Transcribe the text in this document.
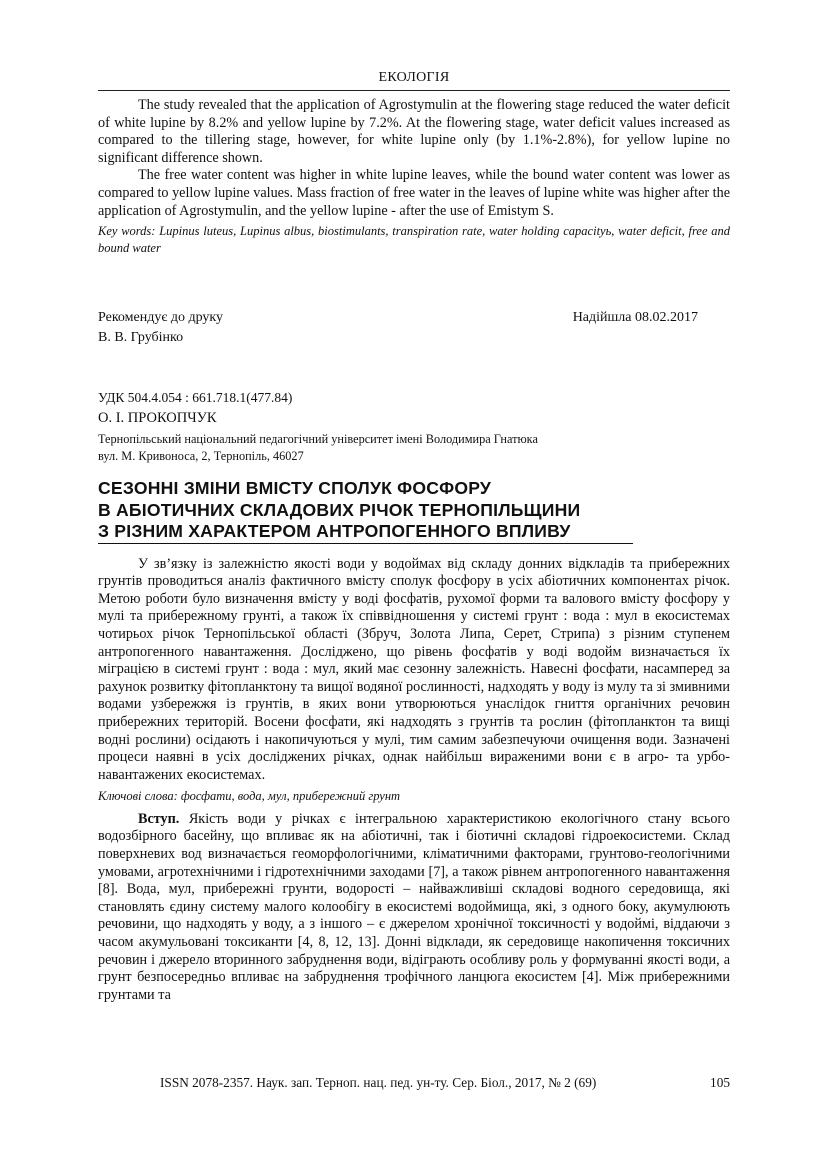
ЕКОЛОГІЯ

The study revealed that the application of Agrostymulin at the flowering stage reduced the water deficit of white lupine by 8.2% and yellow lupine by 7.2%. At the flowering stage, water deficit values increased as compared to the tillering stage, however, for white lupine only (by 1.1%-2.8%), for yellow lupine no significant difference shown.

The free water content was higher in white lupine leaves, while the bound water content was lower as compared to yellow lupine values. Mass fraction of free water in the leaves of lupine white was higher after the application of Agrostymulin, and the yellow lupine - after the use of Emistym S.

Key words: Lupinus luteus, Lupinus albus, biostimulants, transpiration rate, water holding capacityь, water deficit, free and bound water

Рекомендує до друку	Надійшла 08.02.2017
В. В. Грубінко
УДК 504.4.054 : 661.718.1(477.84)
О. І. ПРОКОПЧУК
Тернопільський національний педагогічний університет імені Володимира Гнатюка
вул. М. Кривоноса, 2, Тернопіль, 46027
СЕЗОННІ ЗМІНИ ВМІСТУ СПОЛУК ФОСФОРУ
В АБІОТИЧНИХ СКЛАДОВИХ РІЧОК ТЕРНОПІЛЬЩИНИ
З РІЗНИМ ХАРАКТЕРОМ АНТРОПОГЕННОГО ВПЛИВУ

У зв’язку із залежністю якості води у водоймах від складу донних відкладів та прибережних грунтів проводиться аналіз фактичного вмісту сполук фосфору в усіх абіотичних компонентах річок. Метою роботи було визначення вмісту у воді фосфатів, рухомої форми та валового вмісту фосфору у мулі та прибережному грунті, а також їх співвідношення у системі грунт : вода : мул в екосистемах чотирьох річок Тернопільської області (Збруч, Золота Липа, Серет, Стрипа) з різним ступенем антропогенного навантаження. Досліджено, що рівень фосфатів у воді водойм визначається їх міграцією в системі грунт : вода : мул, який має сезонну залежність. Навесні фосфати, насамперед за рахунок розвитку фітопланктону та вищої водяної рослинності, надходять у воду із мулу та зі змивними водами узбережжя із грунтів, в яких вони утворюються унаслідок гниття органічних речовин прибережних територій. Восени фосфати, які надходять з грунтів та рослин (фітопланктон та вищі водні рослини) осідають і накопичуються у мулі, тим самим забезпечуючи очищення води. Зазначені процеси наявні в усіх досліджених річках, однак найбільш вираженими вони є в агро- та урбо- навантажених екосистемах.

Ключові слова: фосфати, вода, мул, прибережний грунт

Вступ. Якість води у річках є інтегральною характеристикою екологічного стану всього водозбірного басейну, що впливає як на абіотичні, так і біотичні складові гідроекосистеми. Склад поверхневих вод визначається геоморфологічними, кліматичними факторами, грунтово-геологічними умовами, агротехнічними і гідротехнічними заходами [7], а також рівнем антропогенного навантаження [8]. Вода, мул, прибережні грунти, водорості – найважливіші складові водного середовища, які становлять єдину систему малого колообігу в екосистемі водоймища, які, з одного боку, акумулюють речовини, що надходять у воду, а з іншого – є джерелом хронічної токсичності у водоймі, віддаючи з часом акумульовані токсиканти [4, 8, 12, 13]. Донні відклади, як середовище накопичення токсичних речовин і джерело вторинного забруднення води, відіграють особливу роль у формуванні якості води, а грунт безпосередньо впливає на забруднення трофічного ланцюга екосистем [4]. Між прибережними грунтами та

ISSN 2078-2357. Наук. зап. Терноп. нац. пед. ун-ту. Сер. Біол., 2017, № 2 (69)	105
